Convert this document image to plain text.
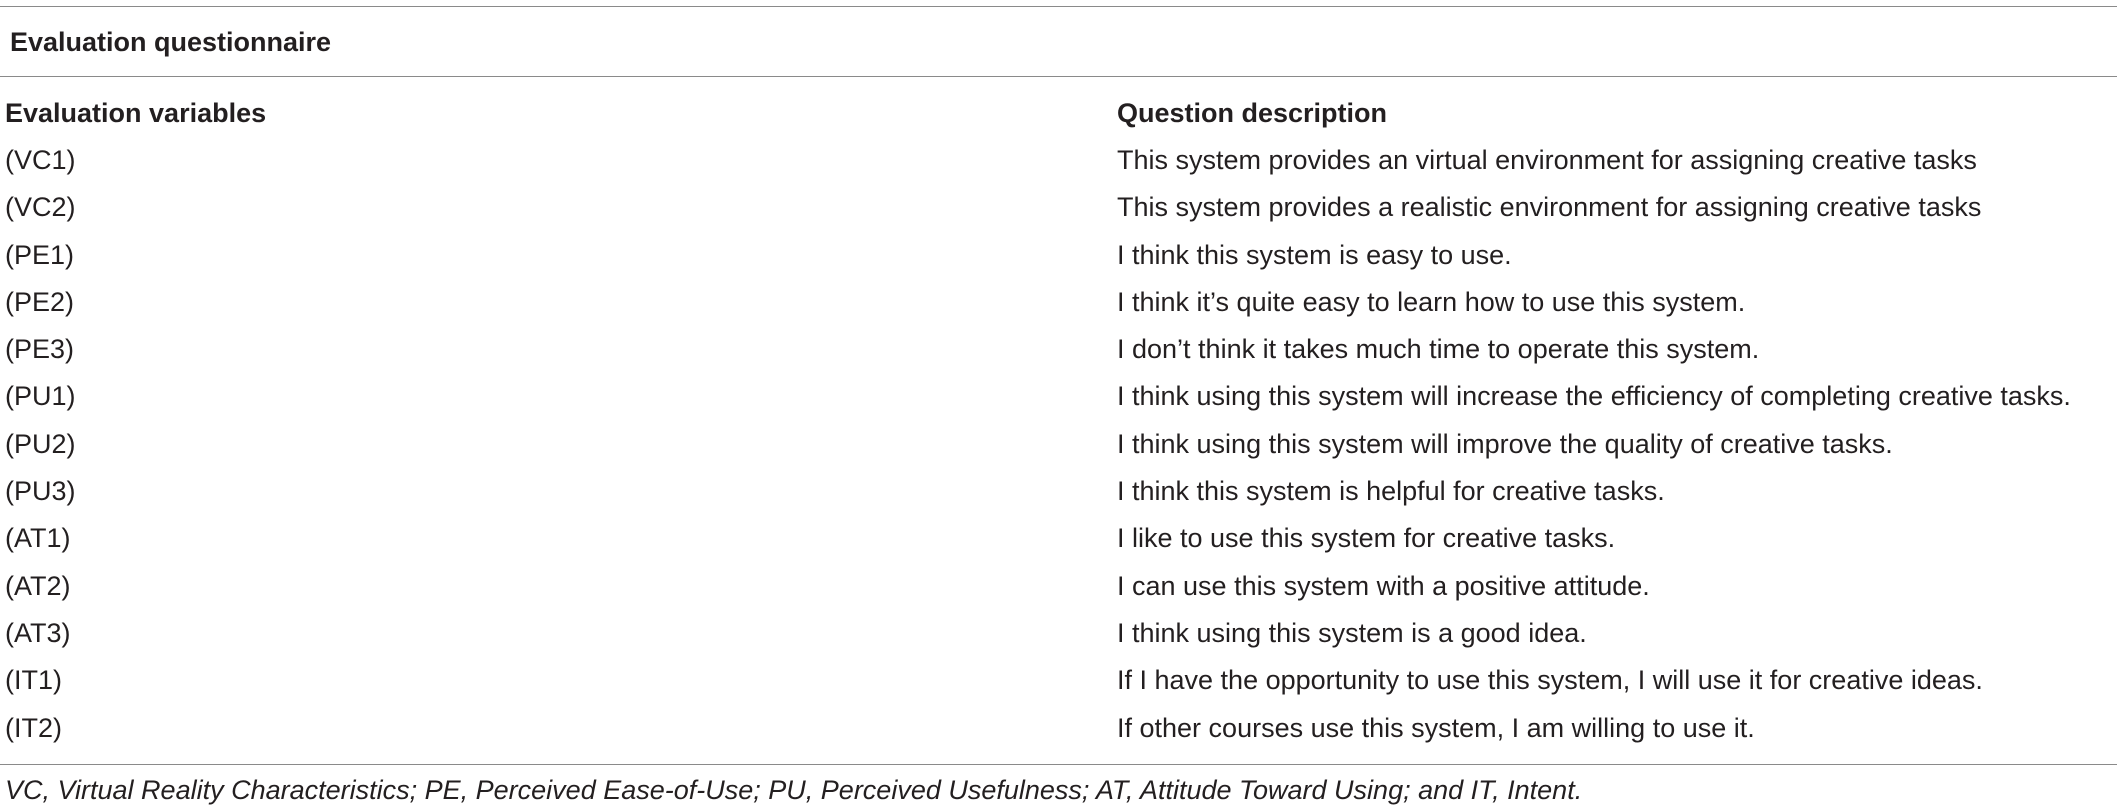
Evaluation questionnaire
Evaluation variables	Question description
(VC1)	This system provides an virtual environment for assigning creative tasks
(VC2)	This system provides a realistic environment for assigning creative tasks
(PE1)	I think this system is easy to use.
(PE2)	I think it’s quite easy to learn how to use this system.
(PE3)	I don’t think it takes much time to operate this system.
(PU1)	I think using this system will increase the efficiency of completing creative tasks.
(PU2)	I think using this system will improve the quality of creative tasks.
(PU3)	I think this system is helpful for creative tasks.
(AT1)	I like to use this system for creative tasks.
(AT2)	I can use this system with a positive attitude.
(AT3)	I think using this system is a good idea.
(IT1)	If I have the opportunity to use this system, I will use it for creative ideas.
(IT2)	If other courses use this system, I am willing to use it.
VC, Virtual Reality Characteristics; PE, Perceived Ease-of-Use; PU, Perceived Usefulness; AT, Attitude Toward Using; and IT, Intent.
